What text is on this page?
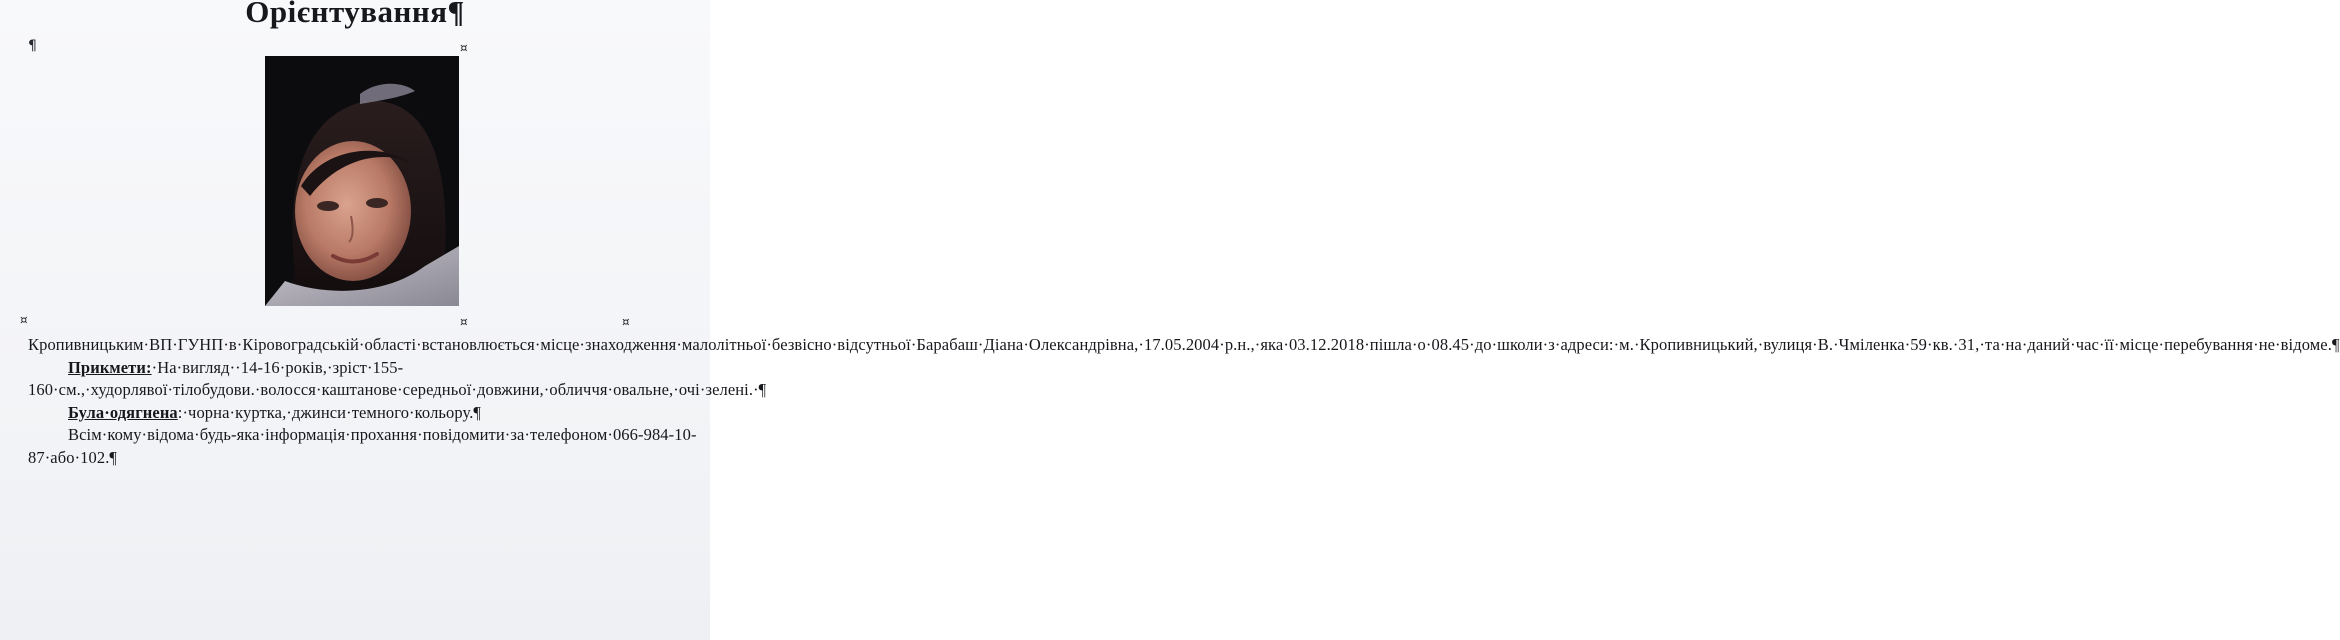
Орієнтування¶
¶	¤
¤	¤	¤

Кропивницьким·ВП·ГУНП·в·Кіровоградській·області·встановлюється·місце·знаходження·малолітньої·безвісно·відсутньої·Барабаш·Діана·Олександрівна,·17.05.2004·р.н.,·яка·03.12.2018·пішла·о·08.45·до·школи·з·адреси:·м.·Кропивницький,·вулиця·В.·Чміленка·59·кв.·31,·та·на·даний·час·її·місце·перебування·не·відоме.¶

Прикмети:·На·вигляд··14-16·років,·зріст·155-160·см.,·худорлявої·тілобудови.·волосся·каштанове·середньої·довжини,·обличчя·овальне,·очі·зелені.·¶

Була·одягнена:·чорна·куртка,·джинси·темного·кольору.¶

Всім·кому·відома·будь-яка·інформація·прохання·повідомити·за·телефоном·066-984-10-87·або·102.¶
